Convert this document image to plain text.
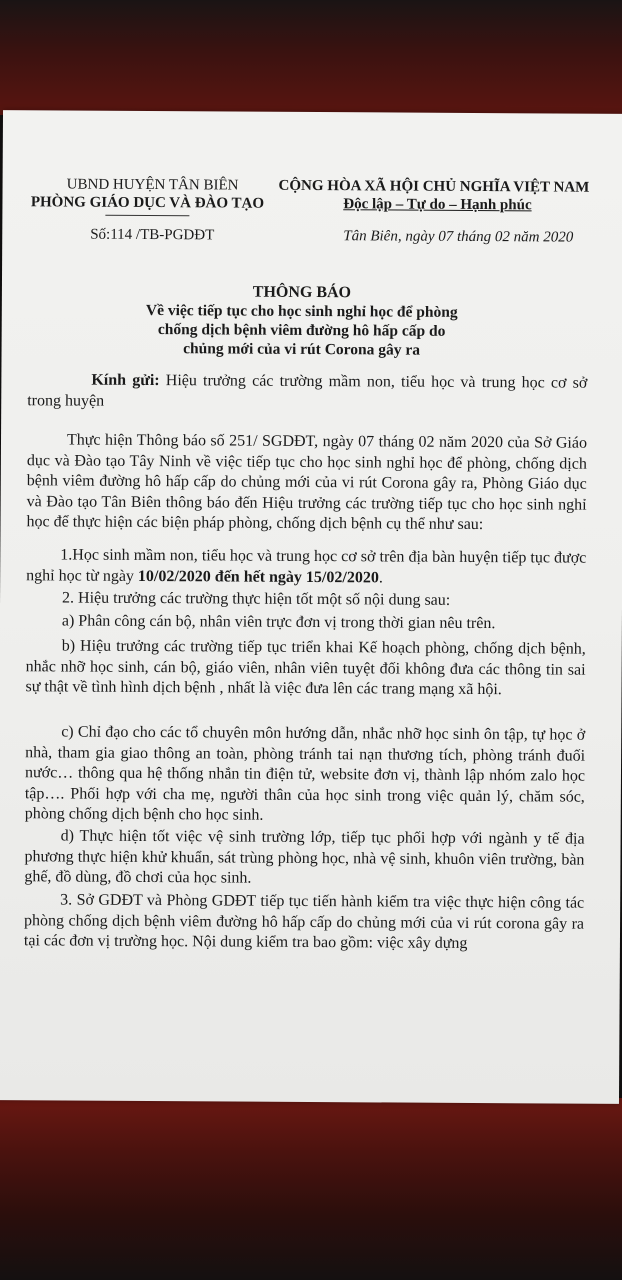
UBND HUYỆN TÂN BIÊN
PHÒNG GIÁO DỤC VÀ ĐÀO TẠO
Số:114 /TB-PGDĐT
CỘNG HÒA XÃ HỘI CHỦ NGHĨA VIỆT NAM
Độc lập – Tự do – Hạnh phúc
Tân Biên, ngày 07 tháng 02 năm 2020
THÔNG BÁO
Về việc tiếp tục cho học sinh nghỉ học để phòng
chống dịch bệnh viêm đường hô hấp cấp do
chủng mới của vi rút Corona gây ra
Kính gửi: Hiệu trưởng các trường mầm non, tiểu học và trung học cơ sở trong huyện
Thực hiện Thông báo số 251/ SGDĐT, ngày 07 tháng 02 năm 2020 của Sở Giáo dục và Đào tạo Tây Ninh về việc tiếp tục cho học sinh nghỉ học để phòng, chống dịch bệnh viêm đường hô hấp cấp do chủng mới của vi rút Corona gây ra, Phòng Giáo dục và Đào tạo Tân Biên thông báo đến Hiệu trưởng các trường tiếp tục cho học sinh nghỉ học để thực hiện các biện pháp phòng, chống dịch bệnh cụ thể như sau:
1.Học sinh mầm non, tiểu học và trung học cơ sở trên địa bàn huyện tiếp tục được nghỉ học từ ngày 10/02/2020 đến hết ngày 15/02/2020.
2. Hiệu trưởng các trường thực hiện tốt một số nội dung sau:
a) Phân công cán bộ, nhân viên trực đơn vị trong thời gian nêu trên.
b) Hiệu trưởng các trường tiếp tục triển khai Kế hoạch phòng, chống dịch bệnh, nhắc nhỡ học sinh, cán bộ, giáo viên, nhân viên tuyệt đối không đưa các thông tin sai sự thật về tình hình dịch bệnh , nhất là việc đưa lên các trang mạng xã hội.
c) Chỉ đạo cho các tổ chuyên môn hướng dẫn, nhắc nhỡ học sinh ôn tập, tự học ở nhà, tham gia giao thông an toàn, phòng tránh tai nạn thương tích, phòng tránh đuối nước… thông qua hệ thống nhắn tin điện tử, website đơn vị, thành lập nhóm zalo học tập…. Phối hợp với cha mẹ, người thân của học sinh trong việc quản lý, chăm sóc, phòng chống dịch bệnh cho học sinh.
d) Thực hiện tốt việc vệ sinh trường lớp, tiếp tục phối hợp với ngành y tế địa phương thực hiện khử khuẩn, sát trùng phòng học, nhà vệ sinh, khuôn viên trường, bàn ghế, đồ dùng, đồ chơi của học sinh.
3. Sở GDĐT và Phòng GDĐT tiếp tục tiến hành kiểm tra việc thực hiện công tác phòng chống dịch bệnh viêm đường hô hấp cấp do chủng mới của vi rút corona gây ra tại các đơn vị trường học. Nội dung kiểm tra bao gồm: việc xây dựng
